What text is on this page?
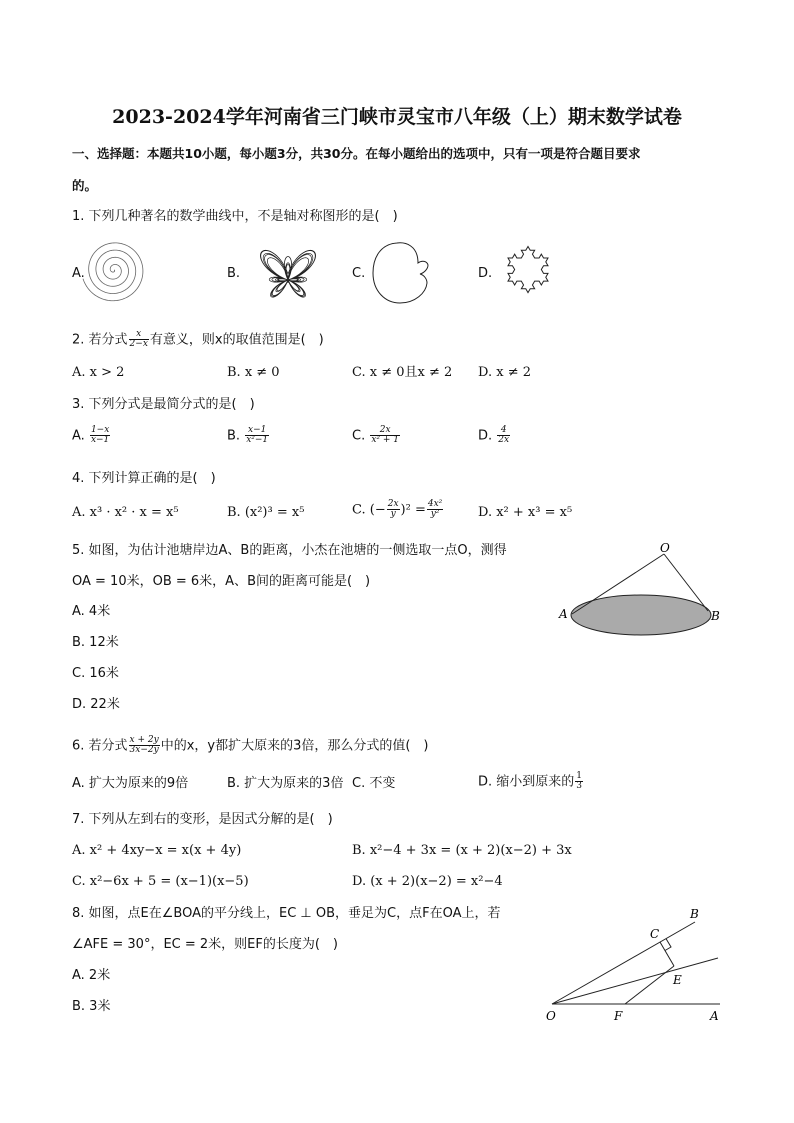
2023-2024学年河南省三门峡市灵宝市八年级（上）期末数学试卷
一、选择题：本题共10小题，每小题3分，共30分。在每小题给出的选项中，只有一项是符合题目要求
的。
1. 下列几种著名的数学曲线中，不是轴对称图形的是(　)
A.	B.	C.	D.
2. 若分式 $\frac{x}{2-x}$ 有意义，则x的取值范围是(　)
A. x > 2	B. x ≠ 0	C. x ≠ 0且x ≠ 2 D. x ≠ 2
3. 下列分式是最简分式的是(　)
A. $\frac{1-x}{x-1}$	B. $\frac{x-1}{\text{x²−1}}$	C. $\frac{2x}{\text{x² + 1}}$	D. $\frac{4}{2x}$
4. 下列计算正确的是(　)
A. x³ · x² · x = x⁵	B. (x²)³ = x⁵	C. (− $\frac{2x}{y} )^2 = \frac{\text{4x²}}{\text{y²}}$	D. x² + x³ = x⁵
5. 如图，为估计池塘岸边A、B的距离，小杰在池塘的一侧选取一点O，测得
OA = 10米，OB = 6米，A、B间的距离可能是(　)
A. 4米
B. 12米
C. 16米
D. 22米
O
A	B
6. 若分式 $\frac{x + 2y}{3x-2y}$ 中的x，y都扩大原来的3倍，那么分式的值(　)
A. 扩大为原来的9倍	B. 扩大为原来的3倍 C. 不变	D. 缩小到原来的 $\frac{1}{3}$
7. 下列从左到右的变形，是因式分解的是(　)
A. x² + 4xy−x = x(x + 4y)	B. x²−4 + 3x = (x + 2)(x−2) + 3x
C. x²−6x + 5 = (x−1)(x−5)	D. (x + 2)(x−2) = x²−4
8. 如图，点E在∠BOA的平分线上，EC ⊥ OB，垂足为C，点F在OA上，若
∠AFE = 30°，EC = 2米，则EF的长度为(　)
A. 2米
B. 3米
B
C
E
O	F	A
